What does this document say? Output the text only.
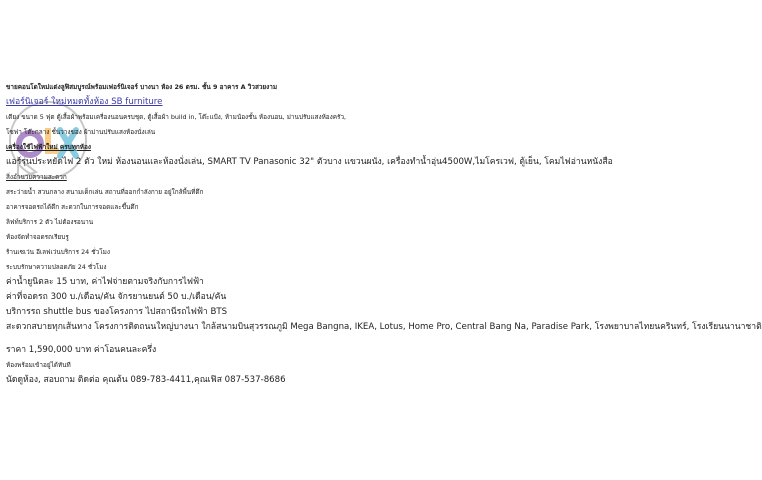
ขายคอนโดใหม่แต่งลูฟิสมบูรณ์พร้อมเฟอร์นิเจอร์ บางนา ห้อง 26 ตรม. ชั้น 9 อาคาร A วิวสวยงาม
เฟอร์นิเจอร์ ใหม่หมดทั้งห้อง SB furniture
เตียง ขนาด 5 ฟุต ตู้เสื้อผ้าพร้อมเครื่องนอนครบชุด, ตู้เสื้อผ้า build in, โต๊ะแป้ง, ห้ามน้องชั้น ห้องนอน, ม่านปรับแสงห้องครัว,
โซฟา โต๊ะกลาง ชั้นวางของ ผ้าม่านปรับแสงห้องนั่งเล่น
เครื่องใช้ไฟฟ้าใหม่ ครบทุกห้อง
แอร์รุ่นประหยัดไฟ 2 ตัว ใหม่ ห้องนอนและห้องนั่งเล่น, SMART TV Panasonic 32" ตัวบาง แขวนผนัง, เครื่องทำน้ำอุ่น4500W,ไมโครเวฟ, ตู้เย็น, โคมไฟอ่านหนังสือ
สิ่งอำนวยความสะดวก
สระว่ายน้ำ สวนกลาง สนามเด็กเล่น สถานที่ออกกำลังกาย อยู่ใกล้พื้นที่ตึก
อาคารจอดรถได้ตึก สะดวกในการจอดและขึ้นตึก
ลิฟท์บริการ 2 ตัว ไม่ต้องรอนาน
ห้องจัดทำจอดรถเรียบรู
ร้านเซเว่น อีเลฟเว่นบริการ 24 ชั่วโมง
ระบบรักษาความปลอดภัย 24 ชั่วโมง
ค่าน้ำยูนิตละ 15 บาท, ค่าไฟจ่ายตามจริงกับการไฟฟ้า
ค่าที่จอดรถ 300 บ./เดือน/คัน จักรยานยนต์ 50 บ./เดือน/คัน
บริการรถ shuttle bus ของโครงการ ไปสถานีรถไฟฟ้า BTS
สะดวกสบายทุกเส้นทาง โครงการติดถนนใหญ่บางนา ใกล้สนามบินสุวรรณภูมิ Mega Bangna, IKEA, Lotus, Home Pro, Central Bang Na, Paradise Park, โรงพยาบาลไทยนครินทร์, โรงเรียนนานาชาติ
ราคา 1,590,000 บาท ค่าโอนคนละครึ่ง
ห้องพร้อมเข้าอยู่ได้ทันที
นัดดูห้อง, สอบถาม ติดต่อ คุณต้น 089-783-4411,คุณเฟิส 087-537-8686
